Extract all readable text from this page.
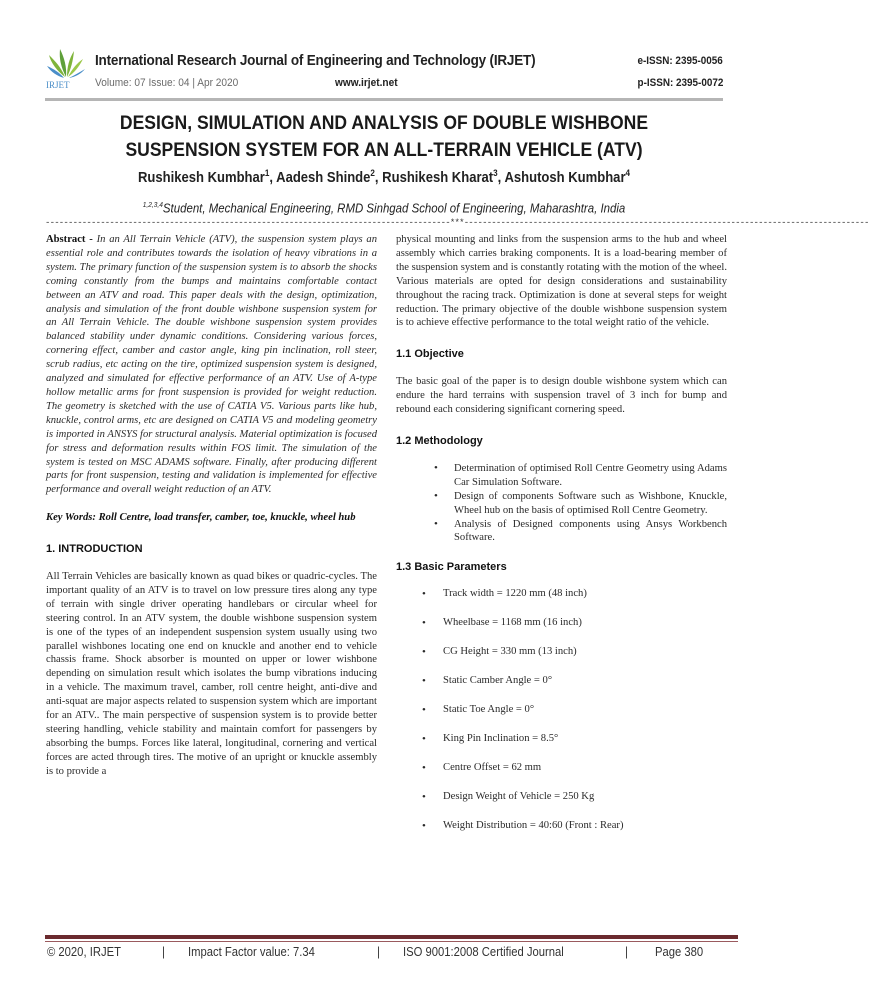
IRJET
International Research Journal of Engineering and Technology (IRJET)	e-ISSN: 2395-0056
Volume: 07 Issue: 04 | Apr 2020	www.irjet.net	p-ISSN: 2395-0072
DESIGN, SIMULATION AND ANALYSIS OF DOUBLE WISHBONE
SUSPENSION SYSTEM FOR AN ALL-TERRAIN VEHICLE (ATV)
Rushikesh Kumbhar$^1$, Aadesh Shinde$^2$, Rushikesh Kharat$^3$, Ashutosh Kumbhar$^4$
$^{1,2,3,4}$Student, Mechanical Engineering, RMD Sinhgad School of Engineering, Maharashtra, India
----------------------------------------------------------------------------------------***----------------------------------------------------------------------------------------

Abstract - In an All Terrain Vehicle (ATV), the suspension system plays an essential role and contributes towards the isolation of heavy vibrations in a system. The primary function of the suspension system is to absorb the shocks coming constantly from the bumps and maintains comfortable contact between an ATV and road. This paper deals with the design, optimization, analysis and simulation of the front double wishbone suspension system for an All Terrain Vehicle. The double wishbone suspension system provides balanced stability under dynamic conditions. Considering various forces, cornering effect, camber and castor angle, king pin inclination, roll steer, scrub radius, etc acting on the tire, optimized suspension system is designed, analyzed and simulated for effective performance of an ATV. Use of A-type hollow metallic arms for front suspension is provided for weight reduction. The geometry is sketched with the use of CATIA V5. Various parts like hub, knuckle, control arms, etc are designed on CATIA V5 and modeling geometry is imported in ANSYS for structural analysis. Material optimization is focused for stress and deformation results within FOS limit. The simulation of the system is tested on MSC ADAMS software. Finally, after producing different parts for front suspension, testing and validation is implemented for effective performance and overall weight reduction of an ATV.

Key Words: Roll Centre, load transfer, camber, toe, knuckle, wheel hub

1. INTRODUCTION

All Terrain Vehicles are basically known as quad bikes or quadric-cycles. The important quality of an ATV is to travel on low pressure tires along any type of terrain with single driver operating handlebars or circular wheel for steering control. In an ATV system, the double wishbone suspension system is one of the types of an independent suspension system usually using two parallel wishbones locating one end on knuckle and another end to vehicle chassis frame. Shock absorber is mounted on upper or lower wishbone depending on simulation result which isolates the bump vibrations inducing in a vehicle. The maximum travel, camber, roll centre height, anti-dive and anti-squat are major aspects related to suspension system which are important for an ATV.. The main perspective of suspension system is to provide better steering handling, vehicle stability and maintain comfort for passengers by absorbing the bumps. Forces like lateral, longitudinal, cornering and vertical forces are acted through tires. The motive of an upright or knuckle assembly is to provide a

physical mounting and links from the suspension arms to the hub and wheel assembly which carries braking components. It is a load-bearing member of the suspension system and is constantly rotating with the motion of the wheel. Various materials are opted for design considerations and sustainability throughout the racing track. Optimization is done at several steps for weight reduction. The primary objective of the double wishbone suspension system is to achieve effective performance to the total weight ratio of the vehicle.

1.1 Objective

The basic goal of the paper is to design double wishbone system which can endure the hard terrains with suspension travel of 3 inch for bump and rebound each considering significant cornering speed.

1.2 Methodology
• Determination of optimised Roll Centre Geometry using Adams Car Simulation Software.
• Design of components Software such as Wishbone, Knuckle, Wheel hub on the basis of optimised Roll Centre Geometry.
• Analysis of Designed components using Ansys Workbench Software.
1.3 Basic Parameters
• Track width = 1220 mm (48 inch)
• Wheelbase = 1168 mm (16 inch)
• CG Height = 330 mm (13 inch)
• Static Camber Angle = 0°
• Static Toe Angle = 0°
• King Pin Inclination = 8.5°
• Centre Offset = 62 mm
• Design Weight of Vehicle = 250 Kg
• Weight Distribution = 40:60 (Front : Rear)
© 2020, IRJET	| Impact Factor value: 7.34	| ISO 9001:2008 Certified Journal	| Page 380
